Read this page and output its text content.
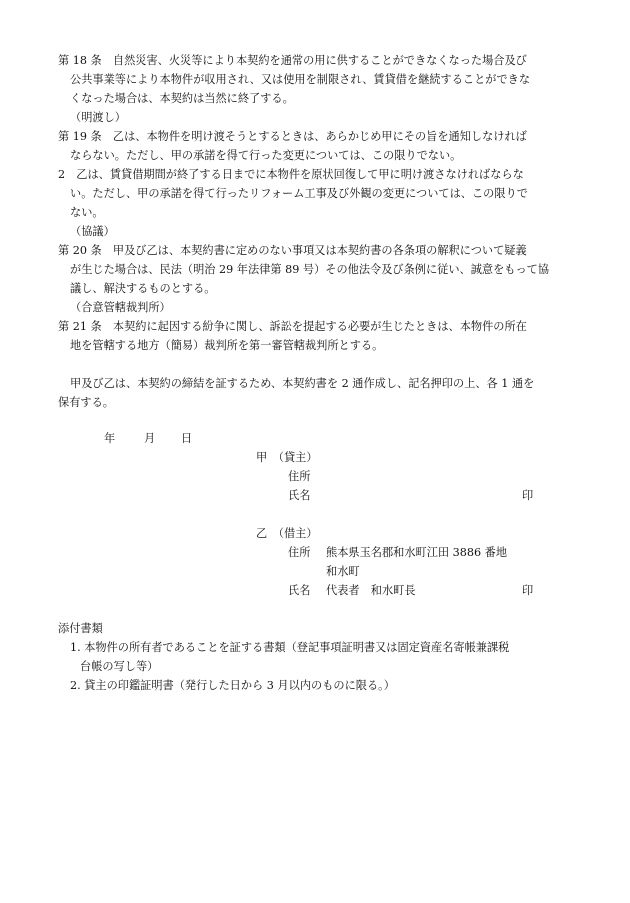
第 18 条　自然災害、火災等により本契約を通常の用に供することができなくなった場合及び
公共事業等により本物件が収用され、又は使用を制限され、賃貸借を継続することができな
くなった場合は、本契約は当然に終了する。
（明渡し）
第 19 条　乙は、本物件を明け渡そうとするときは、あらかじめ甲にその旨を通知しなければ
ならない。ただし、甲の承諾を得て行った変更については、この限りでない。
2　乙は、賃貸借期間が終了する日までに本物件を原状回復して甲に明け渡さなければならな
い。ただし、甲の承諾を得て行ったリフォーム工事及び外観の変更については、この限りで
ない。
（協議）
第 20 条　甲及び乙は、本契約書に定めのない事項又は本契約書の各条項の解釈について疑義
が生じた場合は、民法（明治 29 年法律第 89 号）その他法令及び条例に従い、誠意をもって協
議し、解決するものとする。
（合意管轄裁判所）
第 21 条　本契約に起因する紛争に関し、訴訟を提起する必要が生じたときは、本物件の所在
地を管轄する地方（簡易）裁判所を第一審管轄裁判所とする。
甲及び乙は、本契約の締結を証するため、本契約書を 2 通作成し、記名押印の上、各 1 通を
保有する。
年	月 日
甲　（貸主）
住所
氏名	印
乙　（借主）
住所 熊本県玉名郡和水町江田 3886 番地
和水町
氏名 代表者　和水町長	印
添付書類
1. 本物件の所有者であることを証する書類（登記事項証明書又は固定資産名寄帳兼課税
台帳の写し等）
2. 貸主の印鑑証明書（発行した日から 3 月以内のものに限る。）
